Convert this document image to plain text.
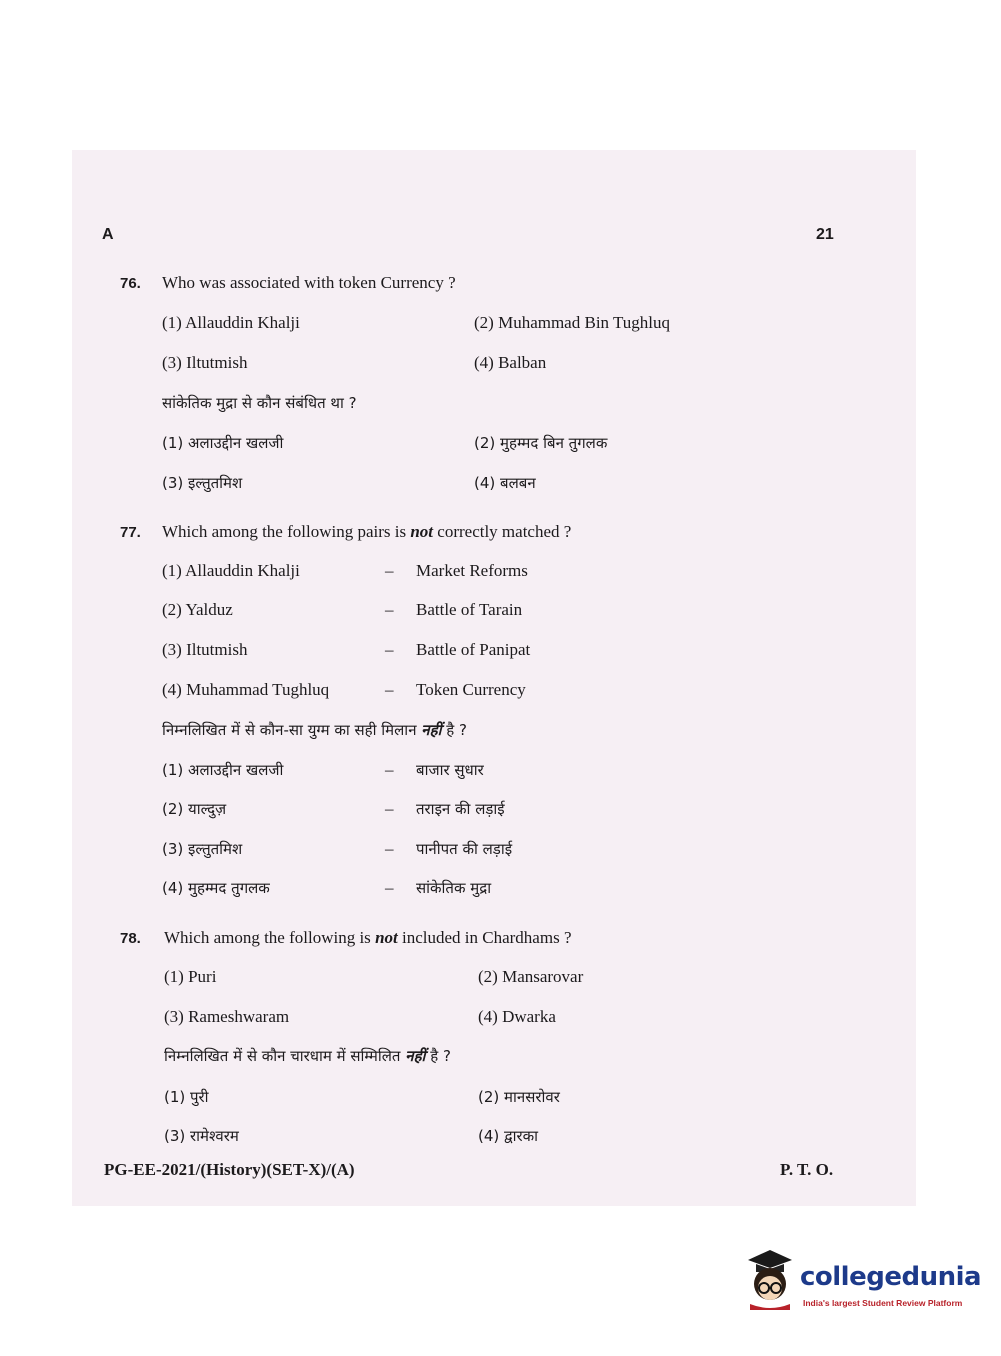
A	21
76. Who was associated with token Currency ?
(1) Allauddin Khalji	(2) Muhammad Bin Tughluq
(3) Iltutmish	(4) Balban
सांकेतिक मुद्रा से कौन संबंधित था ?
(1) अलाउद्दीन खलजी	(2) मुहम्मद बिन तुगलक
(3) इल्तुतमिश	(4) बलबन
77. Which among the following pairs is not correctly matched ?
(1) Allauddin Khalji	– Market Reforms
(2) Yalduz	– Battle of Tarain
(3) Iltutmish	– Battle of Panipat
(4) Muhammad Tughluq	– Token Currency
निम्नलिखित में से कौन-सा युग्म का सही मिलान नहीं है ?
(1) अलाउद्दीन खलजी	– बाजार सुधार
(2) याल्दुज़	– तराइन की लड़ाई
(3) इल्तुतमिश	– पानीपत की लड़ाई
(4) मुहम्मद तुगलक	– सांकेतिक मुद्रा
78. Which among the following is not included in Chardhams ?
(1) Puri	(2) Mansarovar
(3) Rameshwaram	(4) Dwarka
निम्नलिखित में से कौन चारधाम में सम्मिलित नहीं है ?
(1) पुरी	(2) मानसरोवर
(3) रामेश्वरम	(4) द्वारका
PG-EE-2021/(History)(SET-X)/(A)	P. T. O.
collegedunia
India's largest Student Review Platform
